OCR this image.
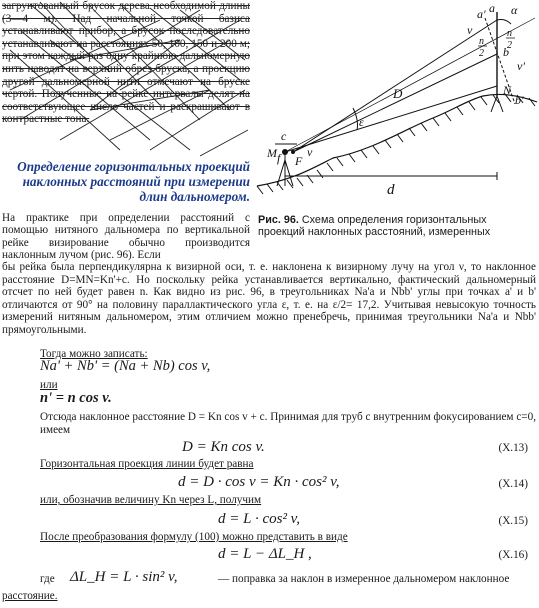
загрунтованный брусок дерева необходимой длины (3—4 м). Над начальной точкой базиса устанавливают прибор, а брусок последовательно устанавливают на расстояниях 50, 100, 150 и 200 м; при этом каждый раз одну крайнюю дальномерную нить наводят на верхний обрез бруска, а проекцию другой дальномерной нити отмечают на бруске чертой. Полученные на рейке интервалы делят на соответствующее число частей и раскрашивают в контрастные тона.

Определение горизонтальных проекций наклонных расстояний при измерении длин дальномером.
На практике при определении расстояний с помощью нитяного дальномера по вертикальной рейке визирование обычно производится наклонным лучом (рис. 96). Если
M
F
v
c
f
d
D
ε
N
b
b'
a
a' α
n
2
n
2
ν
ν'
Рис. 96. Схема определения горизонтальных проекций наклонных расстояний, измеренных
бы рейка была перпендикулярна к визирной оси, т. е. наклонена к визирному лучу на угол ν, то наклонное расстояние D=MN=Kn'+c. Но поскольку рейка устанавливается вертикально, фактический дальномерный отсчет по ней будет равен n. Как видно из рис. 96, в треугольниках Na'a и Nbb' углы при точках a' и b' отличаются от 90° на половину параллактического угла ε, т. е. на ε/2= 17,2. Учитывая невысокую точность измерений нитяным дальномером, этим отличием можно пренебречь, принимая треугольники Na'a и Nbb' прямоугольными.
Тогда можно записать:
Na' + Nb' = (Na + Nb) cos v,
или
n' = n cos v.
Отсюда наклонное расстояние D = Kn cos v + c. Принимая для труб с внутренним фокусированием c=0, имеем
D = Kn cos v.	(X.13)
Горизонтальная проекция линии будет равна
d = D · cos v = Kn · cos² v,	(X.14)
или, обозначив величину Kn через L, получим
d = L · cos² v,	(X.15)
После преобразования формулу (100) можно представить в виде
d = L − ΔL_H ,	(X.16)
где ΔL_H = L · sin² v,	— поправка за наклон в измеренное дальномером наклонное
расстояние.
